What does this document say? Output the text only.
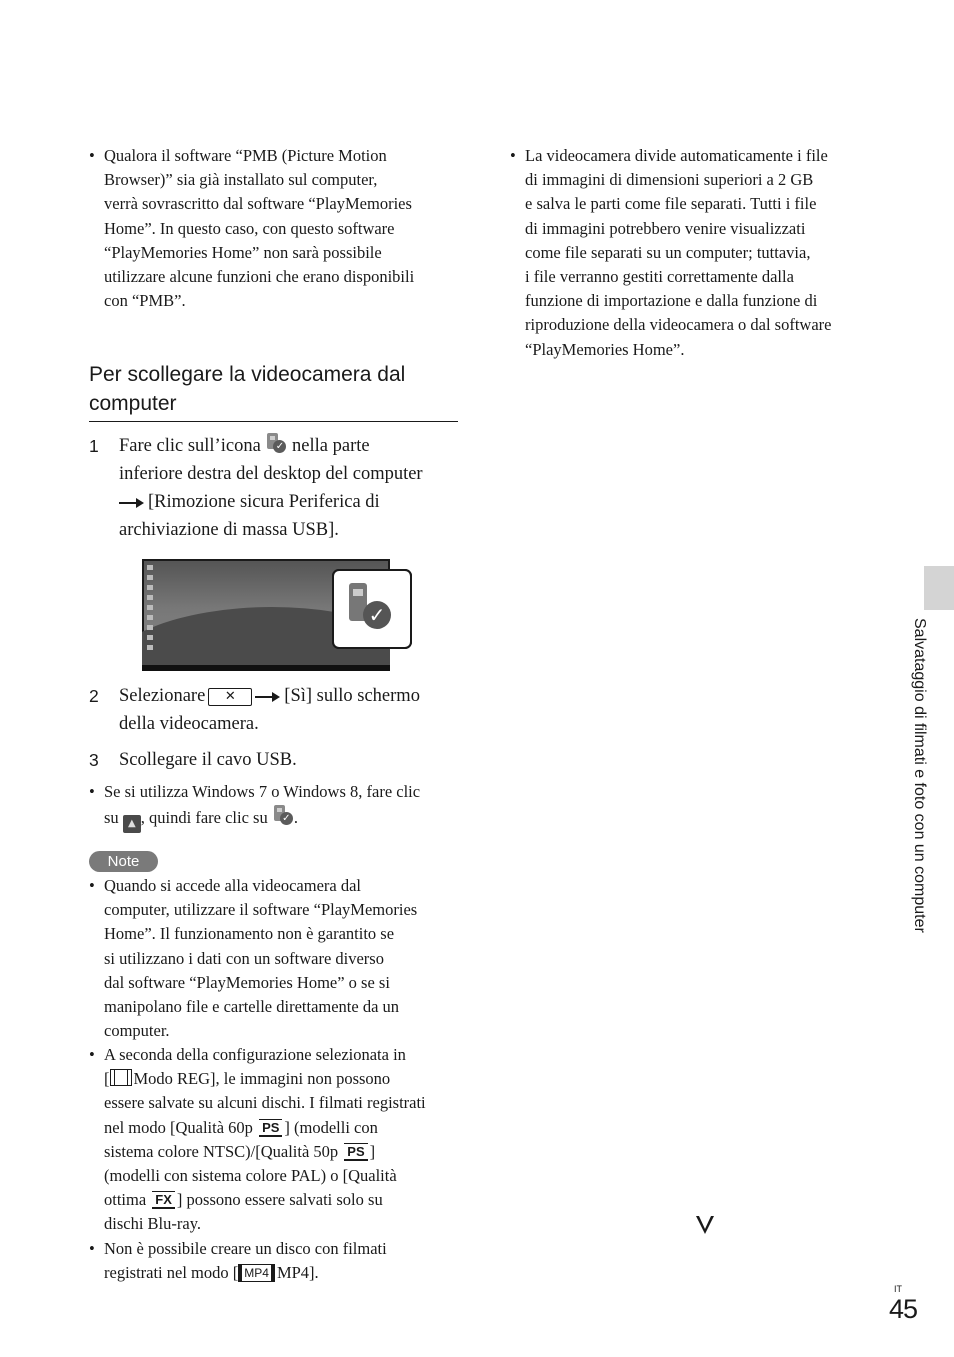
• Qualora il software “PMB (Picture Motion
Browser)” sia già installato sul computer,
verrà sovrascritto dal software “PlayMemories
Home”. In questo caso, con questo software
“PlayMemories Home” non sarà possibile
utilizzare alcune funzioni che erano disponibili
con “PMB”.
Per scollegare la videocamera dal
computer
1 Fare clic sull’icona ✓ nella parte
inferiore destra del desktop del computer
[Rimozione sicura Periferica di
archiviazione di massa USB].
✓
2 Selezionare ✕	[Sì] sullo schermo
della videocamera.
3 Scollegare il cavo USB.
• Se si utilizza Windows 7 o Windows 8, fare clic
su ▲ , quindi fare clic su ✓ .
Note
• Quando si accede alla videocamera dal
computer, utilizzare il software “PlayMemories
Home”. Il funzionamento non è garantito se
si utilizzano i dati con un software diverso
dal software “PlayMemories Home” o se si
manipolano file e cartelle direttamente da un
computer.
• A seconda della configurazione selezionata in
[ Modo REG], le immagini non possono
essere salvate su alcuni dischi. I filmati registrati
nel modo [Qualità 60p PS ] (modelli con
sistema colore NTSC)/[Qualità 50p PS ]
(modelli con sistema colore PAL) o [Qualità
ottima FX ] possono essere salvati solo su
dischi Blu-ray.
• Non è possibile creare un disco con filmati
registrati nel modo [ MP4 MP4].
• La videocamera divide automaticamente i file
di immagini di dimensioni superiori a 2 GB
e salva le parti come file separati. Tutti i file
di immagini potrebbero venire visualizzati
come file separati su un computer; tuttavia,
i file verranno gestiti correttamente dalla
funzione di importazione e dalla funzione di
riproduzione della videocamera o dal software
“PlayMemories Home”.
Salvataggio di filmati e foto con un computer
IT
45
